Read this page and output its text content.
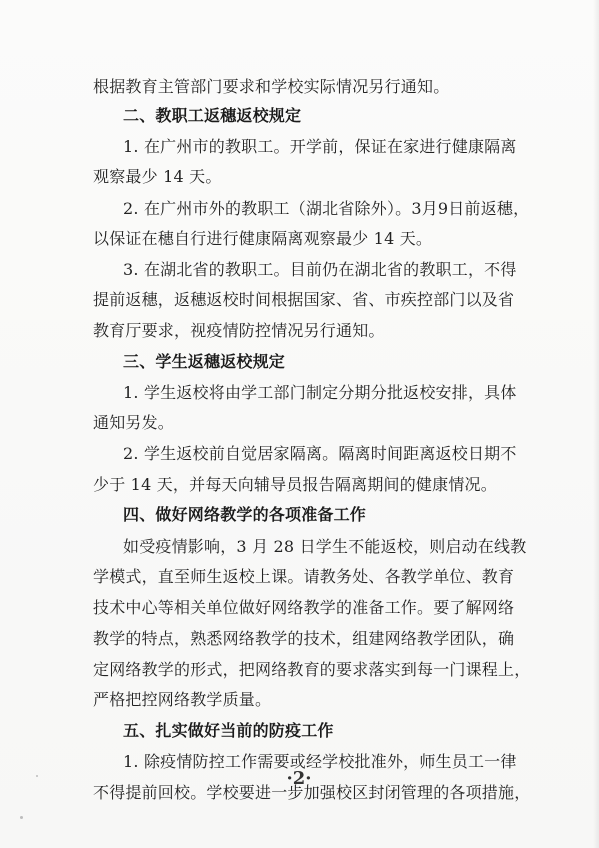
根据教育主管部门要求和学校实际情况另行通知。
二、教职工返穗返校规定
1. 在广州市的教职工。开学前，保证在家进行健康隔离
观察最少 14 天。
2. 在广州市外的教职工（湖北省除外）。3月9日前返穗，
以保证在穗自行进行健康隔离观察最少 14 天。
3. 在湖北省的教职工。目前仍在湖北省的教职工，不得
提前返穗，返穗返校时间根据国家、省、市疾控部门以及省
教育厅要求，视疫情防控情况另行通知。
三、学生返穗返校规定
1. 学生返校将由学工部门制定分期分批返校安排，具体
通知另发。
2. 学生返校前自觉居家隔离。隔离时间距离返校日期不
少于 14 天，并每天向辅导员报告隔离期间的健康情况。
四、做好网络教学的各项准备工作
如受疫情影响，3 月 28 日学生不能返校，则启动在线教
学模式，直至师生返校上课。请教务处、各教学单位、教育
技术中心等相关单位做好网络教学的准备工作。要了解网络
教学的特点，熟悉网络教学的技术，组建网络教学团队，确
定网络教学的形式，把网络教育的要求落实到每一门课程上，
严格把控网络教学质量。
五、扎实做好当前的防疫工作
1. 除疫情防控工作需要或经学校批准外，师生员工一律
不得提前回校。学校要进一步加强校区封闭管理的各项措施，
·2·
